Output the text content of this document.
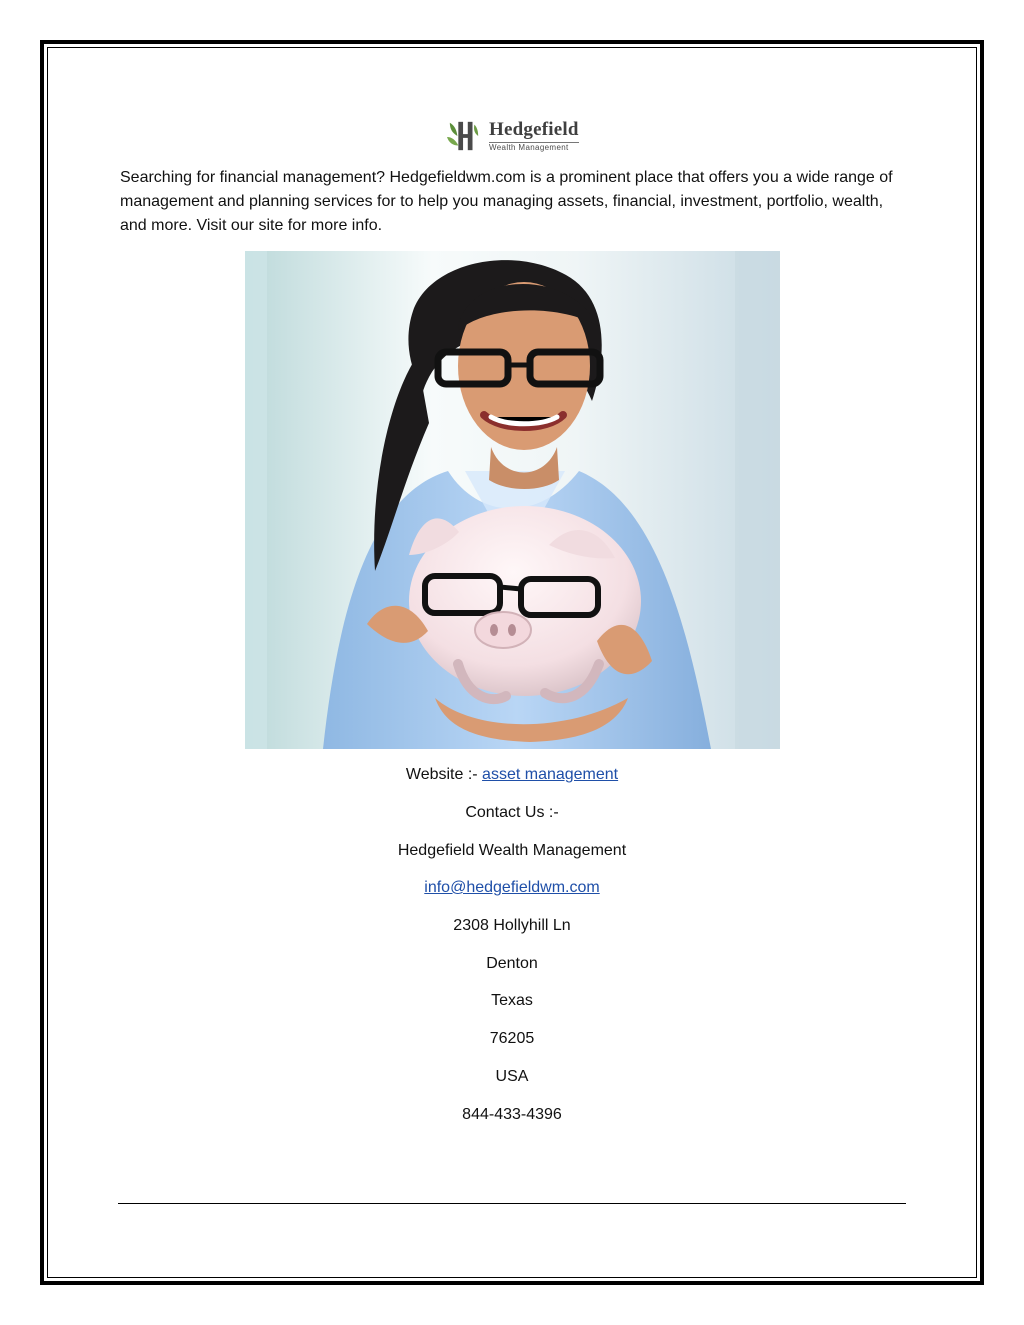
Hedgefield
Wealth Management

Searching for financial management? Hedgefieldwm.com is a prominent place that offers you a wide range of management and planning services for to help you managing assets, financial, investment, portfolio, wealth, and more. Visit our site for more info.

Website :- asset management

Contact Us :-

Hedgefield Wealth Management

info@hedgefieldwm.com

2308 Hollyhill Ln

Denton

Texas

76205

USA

844-433-4396
